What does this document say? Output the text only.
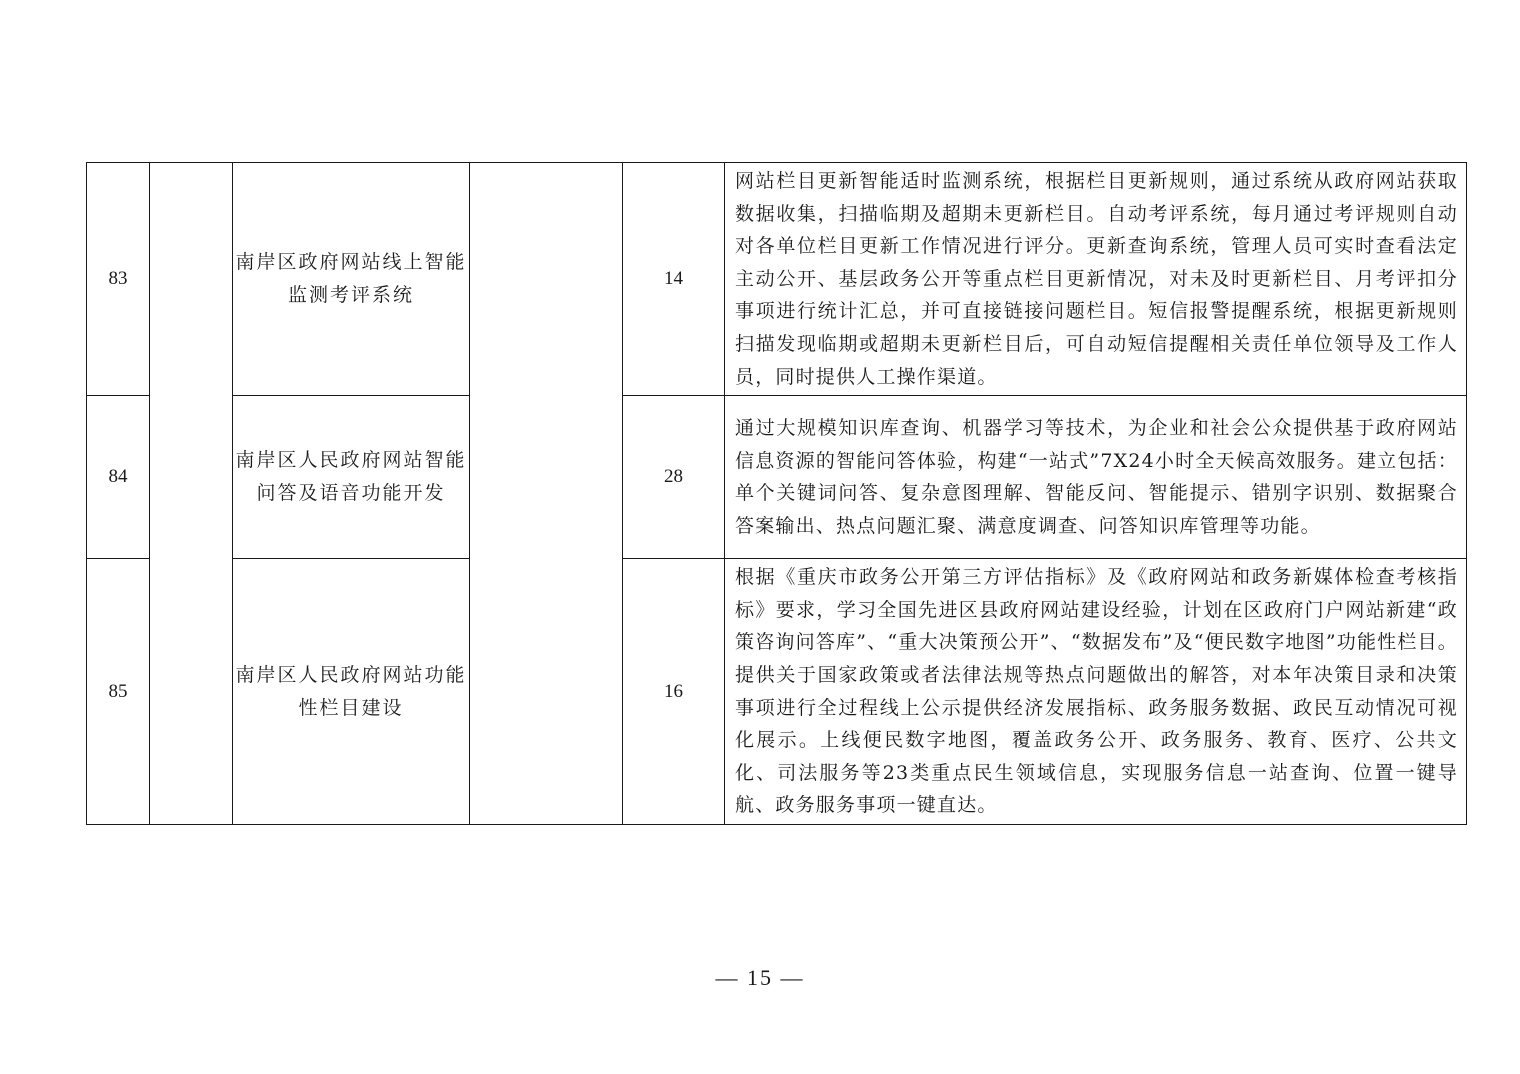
83		南岸区政府网站线上智能监测考评系统		14	网站栏目更新智能适时监测系统，根据栏目更新规则，通过系统从政府网站获取数据收集，扫描临期及超期未更新栏目。自动考评系统，每月通过考评规则自动对各单位栏目更新工作情况进行评分。更新查询系统，管理人员可实时查看法定主动公开、基层政务公开等重点栏目更新情况，对未及时更新栏目、月考评扣分事项进行统计汇总，并可直接链接问题栏目。短信报警提醒系统，根据更新规则扫描发现临期或超期未更新栏目后，可自动短信提醒相关责任单位领导及工作人员，同时提供人工操作渠道。
84		南岸区人民政府网站智能问答及语音功能开发		28	通过大规模知识库查询、机器学习等技术，为企业和社会公众提供基于政府网站信息资源的智能问答体验，构建“一站式”7X24小时全天候高效服务。建立包括：单个关键词问答、复杂意图理解、智能反问、智能提示、错别字识别、数据聚合答案输出、热点问题汇聚、满意度调查、问答知识库管理等功能。
85		南岸区人民政府网站功能性栏目建设		16	根据《重庆市政务公开第三方评估指标》及《政府网站和政务新媒体检查考核指标》要求，学习全国先进区县政府网站建设经验，计划在区政府门户网站新建“政策咨询问答库”、“重大决策预公开”、“数据发布”及“便民数字地图”功能性栏目。提供关于国家政策或者法律法规等热点问题做出的解答，对本年决策目录和决策事项进行全过程线上公示提供经济发展指标、政务服务数据、政民互动情况可视化展示。上线便民数字地图，覆盖政务公开、政务服务、教育、医疗、公共文化、司法服务等23类重点民生领域信息，实现服务信息一站查询、位置一键导航、政务服务事项一键直达。
— 15 —
